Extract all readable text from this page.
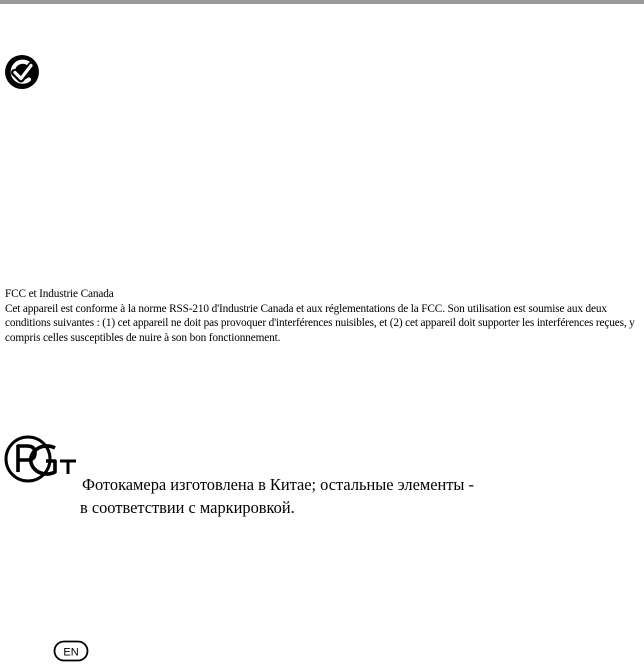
FCC et Industrie Canada

Cet appareil est conforme à la norme RSS-210 d'Industrie Canada et aux réglementations de la FCC. Son utilisation est soumise aux deux conditions suivantes : (1) cet appareil ne doit pas provoquer d'interférences nuisibles, et (2) cet appareil doit supporter les interférences reçues, y compris celles susceptibles de nuire à son bon fonctionnement.

Фотокамера изготовлена в Китае; остальные элементы -
в соответствии с маркировкой.
EN
